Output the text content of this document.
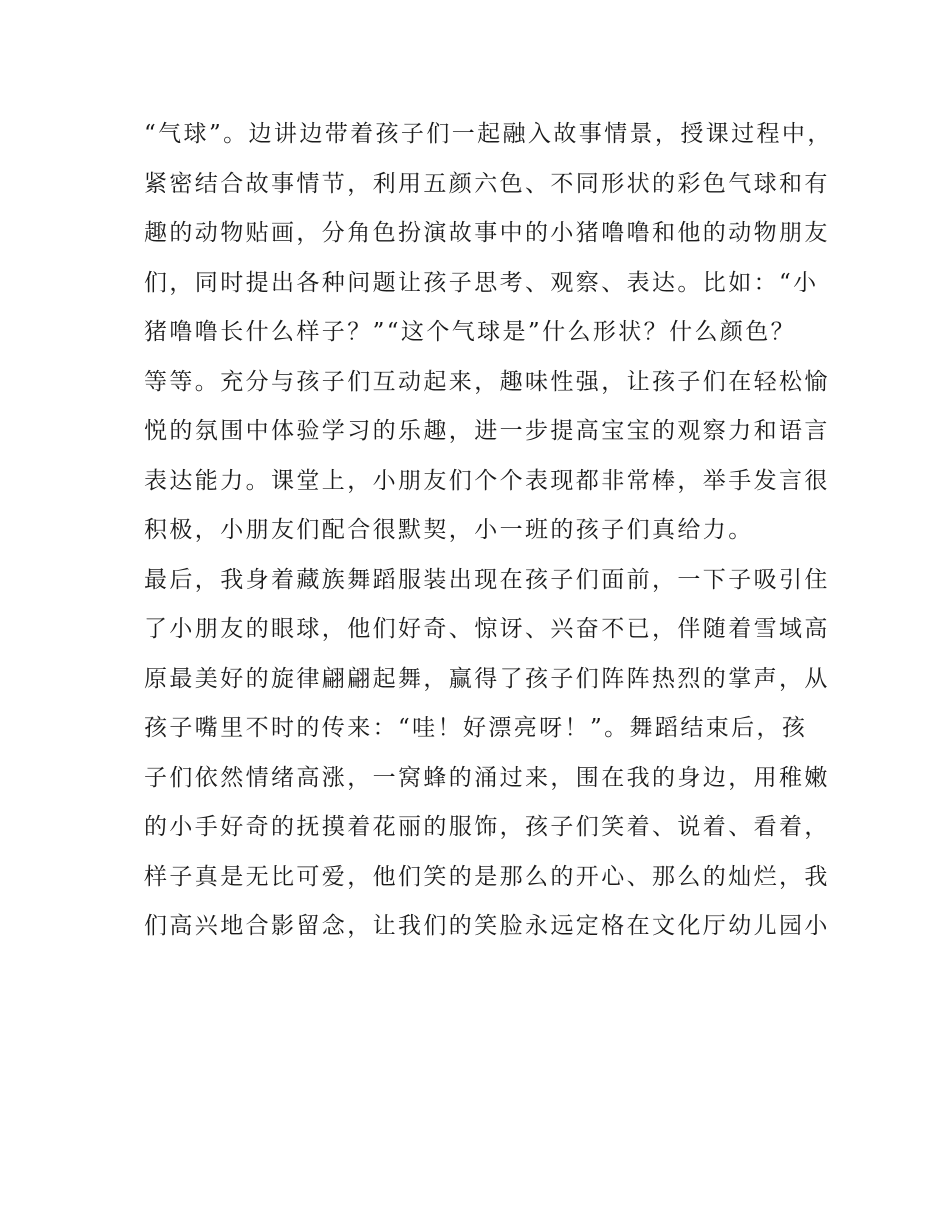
“气球”。边讲边带着孩子们一起融入故事情景，授课过程中，
紧密结合故事情节，利用五颜六色、不同形状的彩色气球和有
趣的动物贴画，分角色扮演故事中的小猪噜噜和他的动物朋友
们，同时提出各种问题让孩子思考、观察、表达。比如：“小
猪噜噜长什么样子？”“这个气球是”什么形状？什么颜色？
等等。充分与孩子们互动起来，趣味性强，让孩子们在轻松愉
悦的氛围中体验学习的乐趣，进一步提高宝宝的观察力和语言
表达能力。课堂上，小朋友们个个表现都非常棒，举手发言很
积极，小朋友们配合很默契，小一班的孩子们真给力。
最后，我身着藏族舞蹈服装出现在孩子们面前，一下子吸引住
了小朋友的眼球，他们好奇、惊讶、兴奋不已，伴随着雪域高
原最美好的旋律翩翩起舞，赢得了孩子们阵阵热烈的掌声，从
孩子嘴里不时的传来：“哇！好漂亮呀！”。舞蹈结束后，孩
子们依然情绪高涨，一窝蜂的涌过来，围在我的身边，用稚嫩
的小手好奇的抚摸着花丽的服饰，孩子们笑着、说着、看着，
样子真是无比可爱，他们笑的是那么的开心、那么的灿烂，我
们高兴地合影留念，让我们的笑脸永远定格在文化厅幼儿园小
